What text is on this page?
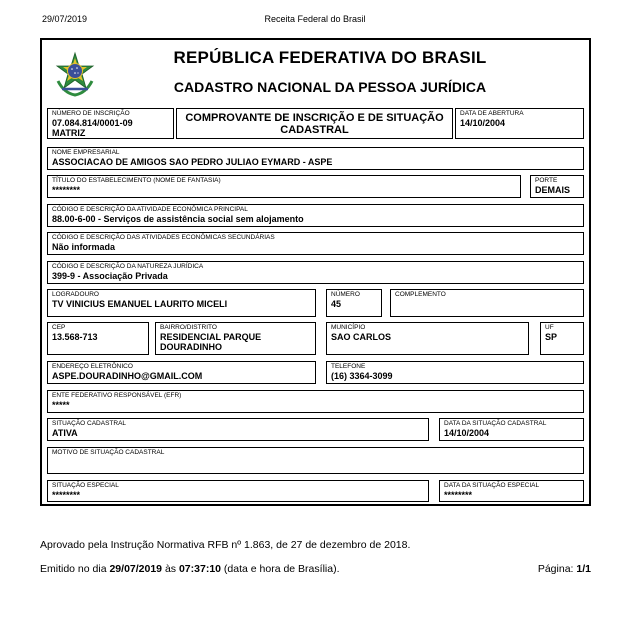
29/07/2019	Receita Federal do Brasil
REPÚBLICA FEDERATIVA DO BRASIL
CADASTRO NACIONAL DA PESSOA JURÍDICA
NÚMERO DE INSCRIÇÃO
07.084.814/0001-09
MATRIZ
COMPROVANTE DE INSCRIÇÃO E DE SITUAÇÃO CADASTRAL
DATA DE ABERTURA
14/10/2004
NOME EMPRESARIAL
ASSOCIACAO DE AMIGOS SAO PEDRO JULIAO EYMARD - ASPE
TÍTULO DO ESTABELECIMENTO (NOME DE FANTASIA)
********
PORTE
DEMAIS
CÓDIGO E DESCRIÇÃO DA ATIVIDADE ECONÔMICA PRINCIPAL
88.00-6-00 - Serviços de assistência social sem alojamento
CÓDIGO E DESCRIÇÃO DAS ATIVIDADES ECONÔMICAS SECUNDÁRIAS
Não informada
CÓDIGO E DESCRIÇÃO DA NATUREZA JURÍDICA
399-9 - Associação Privada
LOGRADOURO
TV VINICIUS EMANUEL LAURITO MICELI
NÚMERO
45
COMPLEMENTO
CEP
13.568-713
BAIRRO/DISTRITO
RESIDENCIAL PARQUE DOURADINHO
MUNICÍPIO
SAO CARLOS
UF
SP
ENDEREÇO ELETRÔNICO
ASPE.DOURADINHO@GMAIL.COM
TELEFONE
(16) 3364-3099
ENTE FEDERATIVO RESPONSÁVEL (EFR)
*****
SITUAÇÃO CADASTRAL
ATIVA
DATA DA SITUAÇÃO CADASTRAL
14/10/2004
MOTIVO DE SITUAÇÃO CADASTRAL
SITUAÇÃO ESPECIAL
********
DATA DA SITUAÇÃO ESPECIAL
********
Aprovado pela Instrução Normativa RFB nº 1.863, de 27 de dezembro de 2018.
Emitido no dia 29/07/2019 às 07:37:10 (data e hora de Brasília).	Página: 1/1
